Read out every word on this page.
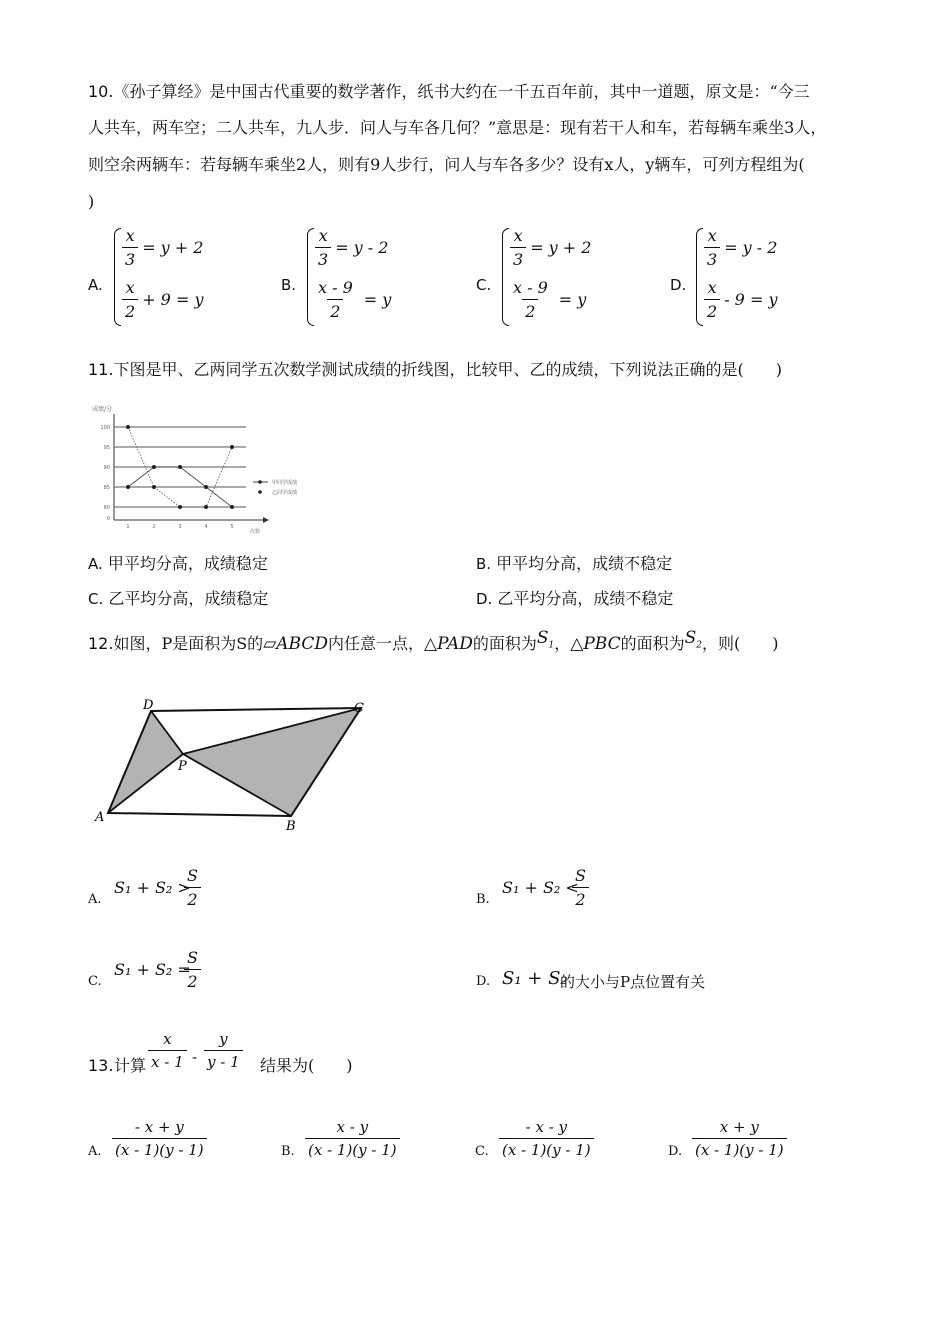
10.《孙子算经》是中国古代重要的数学著作，纸书大约在一千五百年前，其中一道题，原文是：“今三
人共车，两车空；二人共车，九人步．问人与车各几何？”意思是：现有若干人和车，若每辆车乘坐3人，
则空余两辆车：若每辆车乘坐2人，则有9人步行，问人与车各多少？设有x人，y辆车，可列方程组为(
)
A.
$\frac{x}{3} = y + 2$
$\frac{x}{2} + 9 = y$
B.
$\frac{x}{3} = y - 2$
$\frac{x - 9}{2} = y$
C.
$\frac{x}{3} = y + 2$
$\frac{x - 9}{2} = y$
D.
$\frac{x}{3} = y - 2$
$\frac{x}{2} - 9 = y$
11.下图是甲、乙两同学五次数学测试成绩的折线图，比较甲、乙的成绩，下列说法正确的是(　　)
100
95
90
85
80
0
成绩/分
次数
1	2	3	4	5
甲同学成绩
乙同学成绩
A. 甲平均分高，成绩稳定	B. 甲平均分高，成绩不稳定
C. 乙平均分高，成绩稳定	D. 乙平均分高，成绩不稳定
12.如图，P是面积为S的▱ABCD内任意一点，△PAD的面积为$S_1$，△PBC的面积为$S_2$，则(　　)
D	C
A
B
P
A.
S₁ + S₂ >
$\frac{S}{2}$	B.
S₁ + S₂ <
$\frac{S}{2}$
C.
S₁ + S₂ =
$\frac{S}{2}$	D. S₁ + S₂
的大小与P点位置有关
13. 计算 $\frac{x}{x - 1} - \frac{y}{y - 1}$ 结果为(　　)
A. $\frac{- x + y}{(x - 1)(y - 1)}$	B. $\frac{x - y}{(x - 1)(y - 1)}$	C. $\frac{- x - y}{(x - 1)(y - 1)}$	D. $\frac{x + y}{(x - 1)(y - 1)}$
